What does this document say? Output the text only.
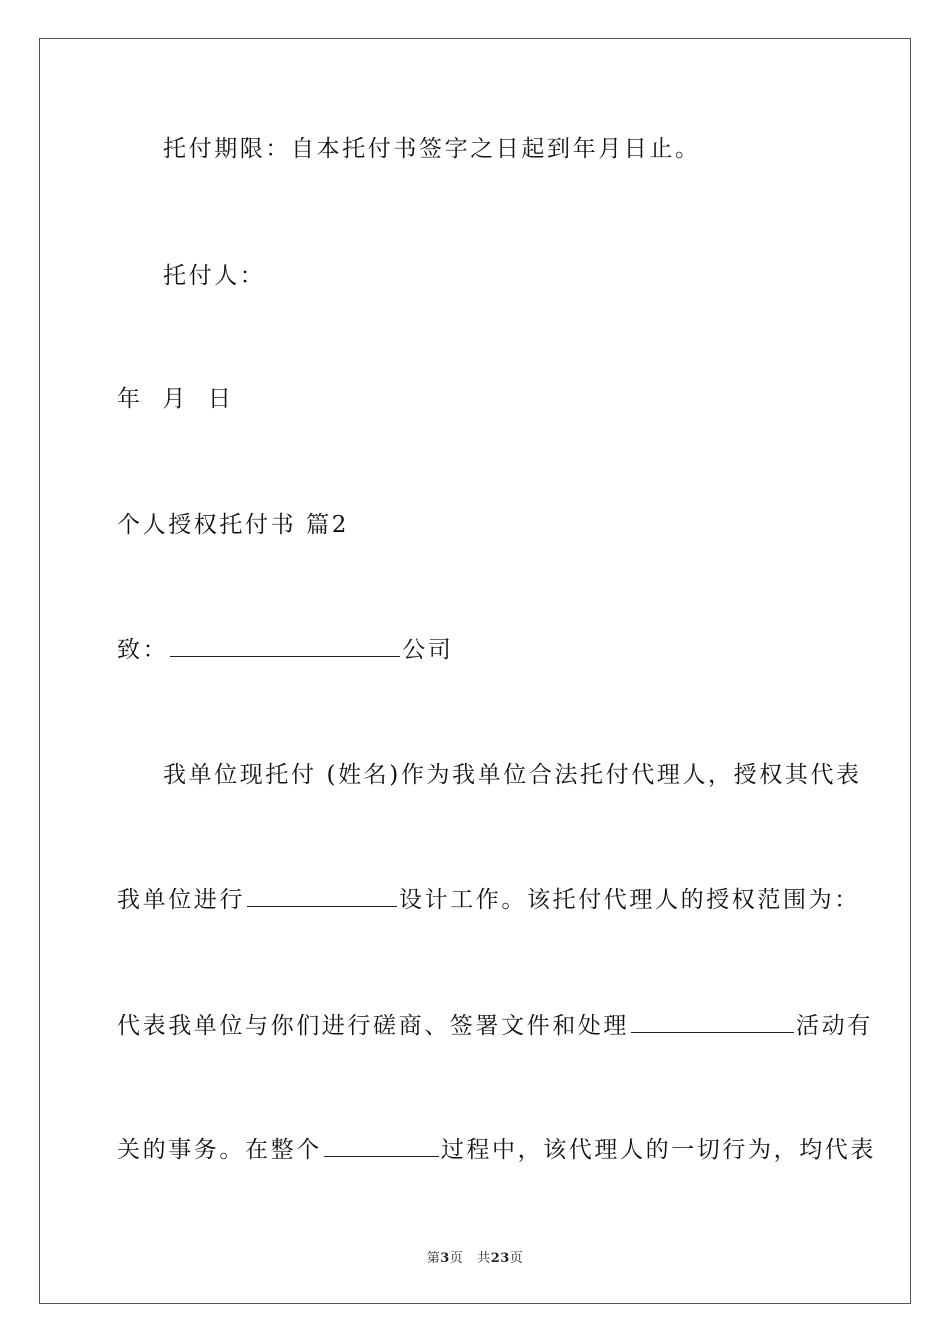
托付期限：自本托付书签字之日起到年月日止。
托付人：
年  月  日
个人授权托付书 篇2
致：	公司
我单位现托付 (姓名)作为我单位合法托付代理人，授权其代表
我单位进行	设计工作。该托付代理人的授权范围为：
代表我单位与你们进行磋商、签署文件和处理	活动有
关的事务。在整个	过程中，该代理人的一切行为，均代表
第3页 共23页
